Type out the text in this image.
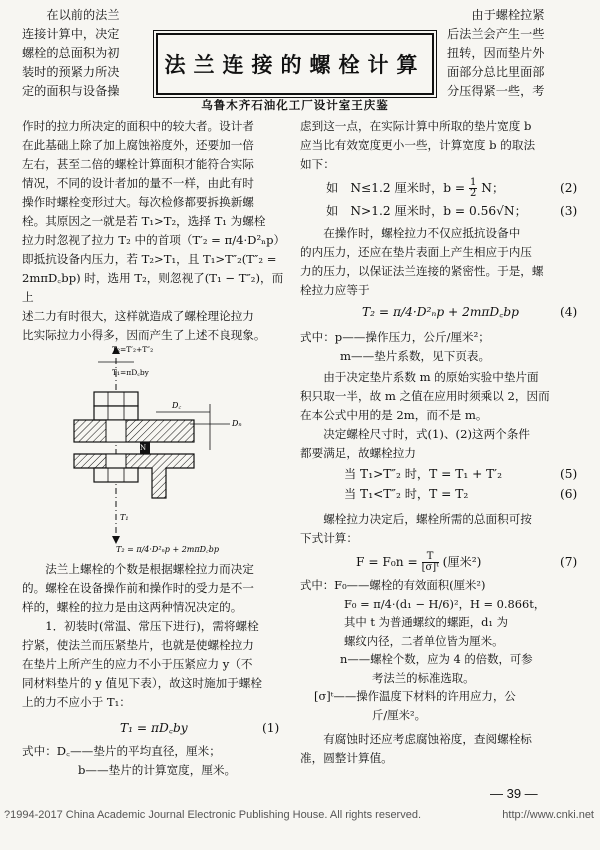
在以前的法兰

连接计算中，决定

螺栓的总面积为初

装时的预紧力所决

定的面积与设备操

法兰连接的螺栓计算
乌鲁木齐石油化工厂设计室王庆鉴

由于螺栓拉紧

后法兰会产生一些

扭转，因而垫片外

面部分总比里面部

分压得紧一些，考

作时的拉力所决定的面积中的较大者。设计者

在此基础上除了加上腐蚀裕度外，还要加一倍

左右，甚至二倍的螺栓计算面积才能符合实际

情况，不同的设计者加的量不一样，由此有时

操作时螺栓变形过大。每次检修都要拆换新螺

栓。其原因之一就是若 T₁>T₂，选择 T₁ 为螺栓

拉力时忽视了拉力 T₂ 中的首项（T′₂ = π/4·D²ₙp）

即抵抗设备内压力，若 T₂>T₁，且 T₁>T″₂(T″₂ =

2mπD꜀bp) 时，选用 T₂，则忽视了(T₁ − T″₂)，而上

述二力有时很大，这样就造成了螺栓理论拉力

比实际拉力小得多，因而产生了上述不良现象。

T₂=T′₂+T″₂
T₁=πD꜀by
D꜀
Dₙ
N
T₁
T₂ = π/4·D²ₙp + 2mπD꜀bp

法兰上螺栓的个数是根据螺栓拉力而决定

的。螺栓在设备操作前和操作时的受力是不一

样的，螺栓的拉力是由这两种情况决定的。

1．初装时(常温、常压下进行)，需将螺栓

拧紧，使法兰而压紧垫片，也就是使螺栓拉力

在垫片上所产生的应力不小于压紧应力 y（不

同材料垫片的 y 值见下表），故这时施加于螺栓

上的力不应小于 T₁：

T₁ = πD꜀by	(1)

式中：D꜀——垫片的平均直径，厘米；

b——垫片的计算宽度，厘米。

虑到这一点，在实际计算中所取的垫片宽度 b

应当比有效宽度更小一些，计算宽度 b 的取法

如下：

如　N≤1.2 厘米时，$b = \frac{1}{2}$ N；	(2)
如　N>1.2 厘米时，b = 0.56√N；	(3)

在操作时，螺栓拉力不仅应抵抗设备中

的内压力，还应在垫片表面上产生相应于内压

力的压力，以保证法兰连接的紧密性。于是，螺

栓拉力应等于

T₂ = π/4·D²ₙp + 2mπD꜀bp	(4)

式中：p——操作压力，公斤/厘米²；

m——垫片系数，见下页表。

由于决定垫片系数 m 的原始实验中垫片面

积只取一半，故 m 之值在应用时须乘以 2，因而

在本公式中用的是 2m，而不是 m。

决定螺栓尺寸时，式(1)、(2)这两个条件

都要满足，故螺栓拉力

当 T₁>T″₂ 时，T = T₁ + T′₂	(5)
当 T₁<T″₂ 时，T = T₂	(6)

螺栓拉力决定后，螺栓所需的总面积可按

下式计算：

$F = F_0n = \frac{T}{\text{[σ]ᵗ}}$ (厘米²)	(7)

式中：F₀——螺栓的有效面积(厘米²)

F₀ = π/4·(d₁ − H/6)²，H = 0.866t，

其中 t 为普通螺纹的螺距，d₁ 为

螺纹内径，二者单位皆为厘米。

n——螺栓个数，应为 4 的倍数，可参

考法兰的标准选取。

[σ]ᵗ——操作温度下材料的许用应力，公

斤/厘米²。

有腐蚀时还应考虑腐蚀裕度，查阅螺栓标

准，圆整计算值。

— 39 —
?1994-2017 China Academic Journal Electronic Publishing House. All rights reserved.	http://www.cnki.net
